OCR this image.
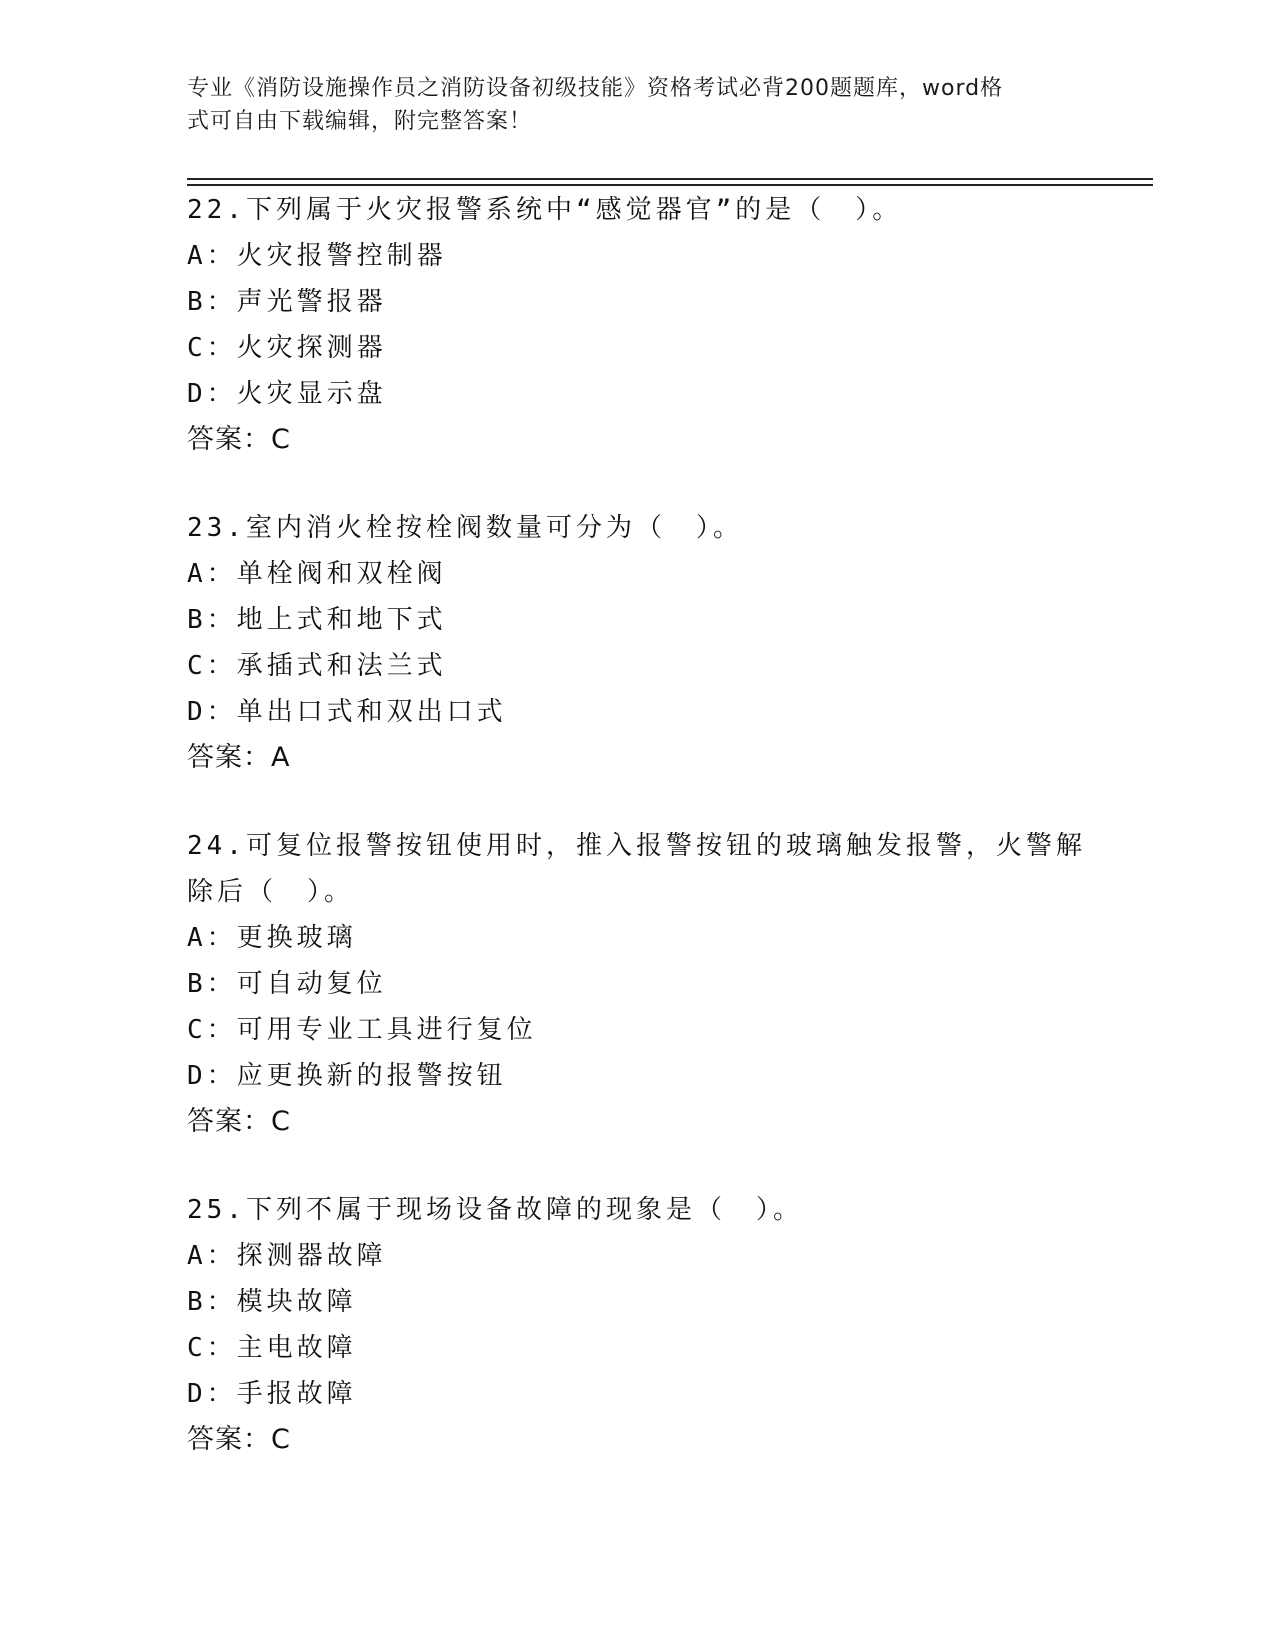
专业《消防设施操作员之消防设备初级技能》资格考试必背200题题库，word格
式可自由下载编辑，附完整答案！
22.下列属于火灾报警系统中“感觉器官”的是（　）。
A：火灾报警控制器
B：声光警报器
C：火灾探测器
D：火灾显示盘
答案：C
23.室内消火栓按栓阀数量可分为（　）。
A：单栓阀和双栓阀
B：地上式和地下式
C：承插式和法兰式
D：单出口式和双出口式
答案：A
24.可复位报警按钮使用时，推入报警按钮的玻璃触发报警，火警解除后（　）。
A：更换玻璃
B：可自动复位
C：可用专业工具进行复位
D：应更换新的报警按钮
答案：C
25.下列不属于现场设备故障的现象是（　）。
A：探测器故障
B：模块故障
C：主电故障
D：手报故障
答案：C
